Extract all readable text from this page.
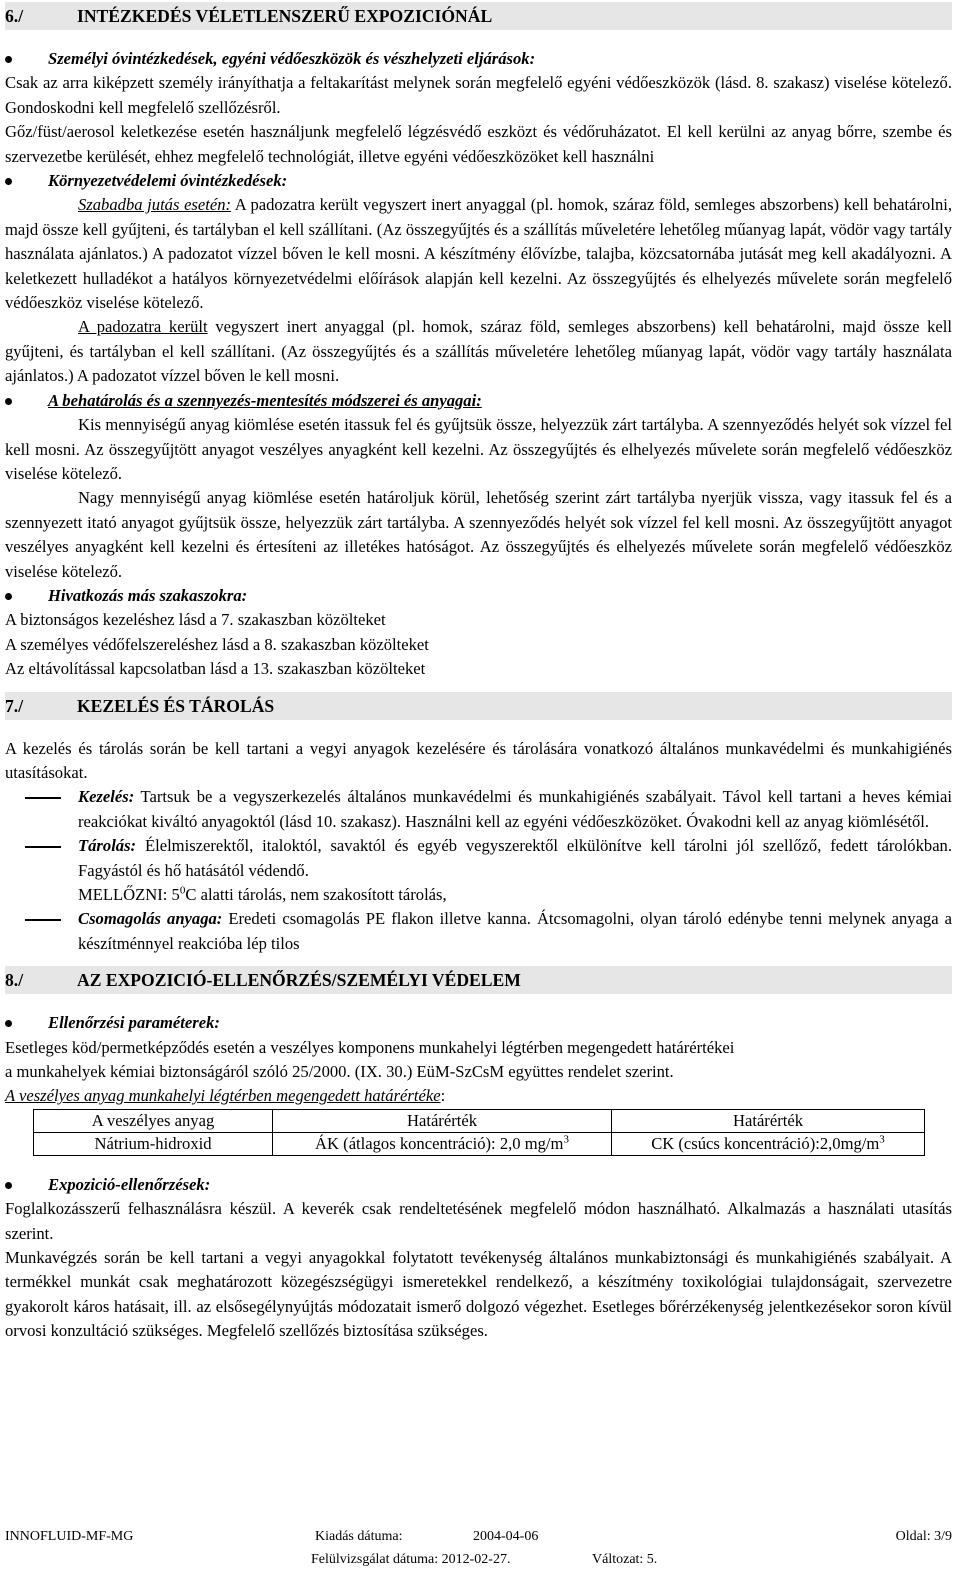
6./	INTÉZKEDÉS VÉLETLENSZERŰ EXPOZICIÓNÁL
Személyi óvintézkedések, egyéni védőeszközök és vészhelyzeti eljárások:
Csak az arra kiképzett személy irányíthatja a feltakarítást melynek során megfelelő egyéni védőeszközök (lásd. 8. szakasz) viselése kötelező. Gondoskodni kell megfelelő szellőzésről.
Gőz/füst/aerosol keletkezése esetén használjunk megfelelő légzésvédő eszközt és védőruházatot. El kell kerülni az anyag bőrre, szembe és szervezetbe kerülését, ehhez megfelelő technológiát, illetve egyéni védőeszközöket kell használni
Környezetvédelemi óvintézkedések:
Szabadba jutás esetén: A padozatra került vegyszert inert anyaggal (pl. homok, száraz föld, semleges abszorbens) kell behatárolni, majd össze kell gyűjteni, és tartályban el kell szállítani. (Az összegyűjtés és a szállítás műveletére lehetőleg műanyag lapát, vödör vagy tartály használata ajánlatos.) A padozatot vízzel bőven le kell mosni. A készítmény élővízbe, talajba, közcsatornába jutását meg kell akadályozni. A keletkezett hulladékot a hatályos környezetvédelmi előírások alapján kell kezelni. Az összegyűjtés és elhelyezés művelete során megfelelő védőeszköz viselése kötelező.
A padozatra került vegyszert inert anyaggal (pl. homok, száraz föld, semleges abszorbens) kell behatárolni, majd össze kell gyűjteni, és tartályban el kell szállítani. (Az összegyűjtés és a szállítás műveletére lehetőleg műanyag lapát, vödör vagy tartály használata ajánlatos.) A padozatot vízzel bőven le kell mosni.
A behatárolás és a szennyezés-mentesítés módszerei és anyagai:
Kis mennyiségű anyag kiömlése esetén itassuk fel és gyűjtsük össze, helyezzük zárt tartályba. A szennyeződés helyét sok vízzel fel kell mosni. Az összegyűjtött anyagot veszélyes anyagként kell kezelni. Az összegyűjtés és elhelyezés művelete során megfelelő védőeszköz viselése kötelező.
Nagy mennyiségű anyag kiömlése esetén határoljuk körül, lehetőség szerint zárt tartályba nyerjük vissza, vagy itassuk fel és a szennyezett itató anyagot gyűjtsük össze, helyezzük zárt tartályba. A szennyeződés helyét sok vízzel fel kell mosni. Az összegyűjtött anyagot veszélyes anyagként kell kezelni és értesíteni az illetékes hatóságot. Az összegyűjtés és elhelyezés művelete során megfelelő védőeszköz viselése kötelező.
Hivatkozás más szakaszokra:
A biztonságos kezeléshez lásd a 7. szakaszban közölteket
A személyes védőfelszereléshez lásd a 8. szakaszban közölteket
Az eltávolítással kapcsolatban lásd a 13. szakaszban közölteket
7./	KEZELÉS ÉS TÁROLÁS
A kezelés és tárolás során be kell tartani a vegyi anyagok kezelésére és tárolására vonatkozó általános munkavédelmi és munkahigiénés utasításokat.
Kezelés: Tartsuk be a vegyszerkezelés általános munkavédelmi és munkahigiénés szabályait. Távol kell tartani a heves kémiai reakciókat kiváltó anyagoktól (lásd 10. szakasz). Használni kell az egyéni védőeszközöket. Óvakodni kell az anyag kiömlésétől.
Tárolás: Élelmiszerektől, italoktól, savaktól és egyéb vegyszerektől elkülönítve kell tárolni jól szellőző, fedett tárolókban. Fagyástól és hő hatásától védendő.
MELLŐZNI: $5^0C$ alatti tárolás, nem szakosított tárolás,
Csomagolás anyaga: Eredeti csomagolás PE flakon illetve kanna. Átcsomagolni, olyan tároló edénybe tenni melynek anyaga a készítménnyel reakcióba lép tilos
8./	AZ EXPOZICIÓ-ELLENŐRZÉS/SZEMÉLYI VÉDELEM
Ellenőrzési paraméterek:
Esetleges köd/permetképződés esetén a veszélyes komponens munkahelyi légtérben megengedett határértékei
a munkahelyek kémiai biztonságáról szóló 25/2000. (IX. 30.) EüM-SzCsM együttes rendelet szerint.
A veszélyes anyag munkahelyi légtérben megengedett határértéke:
A veszélyes anyag	Határérték	Határérték
Nátrium-hidroxid	ÁK (átlagos koncentráció): 2,0 $mg/m^3$	CK (csúcs $koncentráció):2,0mg/m^3$
Expozició-ellenőrzések:
Foglalkozásszerű felhasználásra készül. A keverék csak rendeltetésének megfelelő módon használható. Alkalmazás a használati utasítás szerint.
Munkavégzés során be kell tartani a vegyi anyagokkal folytatott tevékenység általános munkabiztonsági és munkahigiénés szabályait. A termékkel munkát csak meghatározott közegészségügyi ismeretekkel rendelkező, a készítmény toxikológiai tulajdonságait, szervezetre gyakorolt káros hatásait, ill. az elsősegélynyújtás módozatait ismerő dolgozó végezhet. Esetleges bőrérzékenység jelentkezésekor soron kívül orvosi konzultáció szükséges. Megfelelő szellőzés biztosítása szükséges.
INNOFLUID-MF-MG	Kiadás dátuma:	2004-04-06	Oldal: 3/9
Felülvizsgálat dátuma: 2012-02-27.	Változat: 5.
